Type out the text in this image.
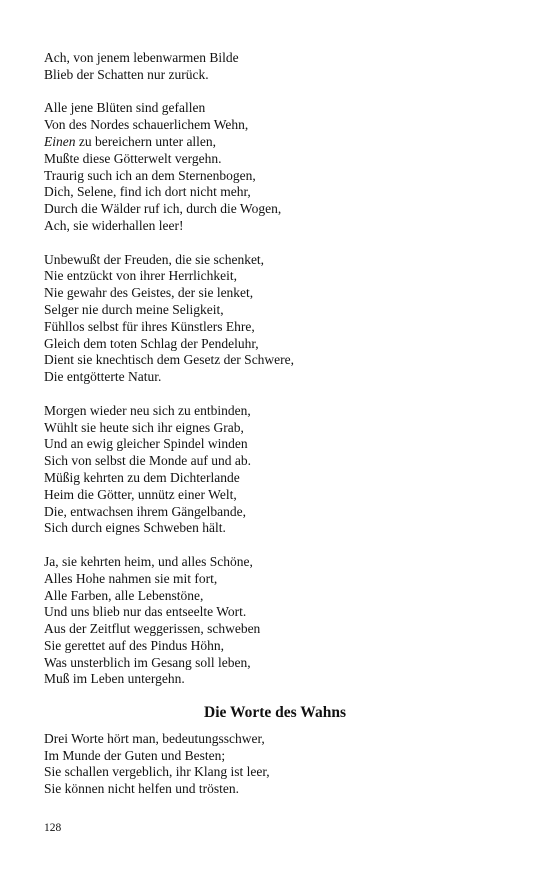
Ach, von jenem lebenwarmen Bilde
Blieb der Schatten nur zurück.
Alle jene Blüten sind gefallen
Von des Nordes schauerlichem Wehn,
Einen zu bereichern unter allen,
Mußte diese Götterwelt vergehn.
Traurig such ich an dem Sternenbogen,
Dich, Selene, find ich dort nicht mehr,
Durch die Wälder ruf ich, durch die Wogen,
Ach, sie widerhallen leer!
Unbewußt der Freuden, die sie schenket,
Nie entzückt von ihrer Herrlichkeit,
Nie gewahr des Geistes, der sie lenket,
Selger nie durch meine Seligkeit,
Fühllos selbst für ihres Künstlers Ehre,
Gleich dem toten Schlag der Pendeluhr,
Dient sie knechtisch dem Gesetz der Schwere,
Die entgötterte Natur.
Morgen wieder neu sich zu entbinden,
Wühlt sie heute sich ihr eignes Grab,
Und an ewig gleicher Spindel winden
Sich von selbst die Monde auf und ab.
Müßig kehrten zu dem Dichterlande
Heim die Götter, unnütz einer Welt,
Die, entwachsen ihrem Gängelbande,
Sich durch eignes Schweben hält.
Ja, sie kehrten heim, und alles Schöne,
Alles Hohe nahmen sie mit fort,
Alle Farben, alle Lebenstöne,
Und uns blieb nur das entseelte Wort.
Aus der Zeitflut weggerissen, schweben
Sie gerettet auf des Pindus Höhn,
Was unsterblich im Gesang soll leben,
Muß im Leben untergehn.
Die Worte des Wahns
Drei Worte hört man, bedeutungsschwer,
Im Munde der Guten und Besten;
Sie schallen vergeblich, ihr Klang ist leer,
Sie können nicht helfen und trösten.
128
